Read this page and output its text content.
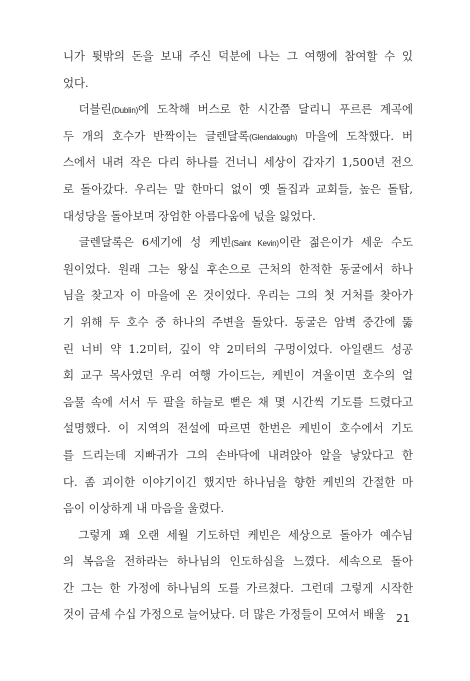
니가 튓밖의 돈을 보내 주신 덕분에 나는 그 여행에 참여할 수 있
었다.
　더블린(Dublin)에 도착해 버스로 한 시간쯤 달리니 푸르른 계곡에
두 개의 호수가 반짝이는 글렌달록(Glendalough) 마을에 도착했다. 버
스에서 내려 작은 다리 하나를 건너니 세상이 갑자기 1,500년 전으
로 돌아갔다. 우리는 말 한마디 없이 옛 돌집과 교회들, 높은 돌탑,
대성당을 돌아보며 장엄한 아름다움에 넋을 잃었다.
　글렌달록은 6세기에 성 케빈(Saint Kevin)이란 젊은이가 세운 수도
원이었다. 원래 그는 왕실 후손으로 근처의 한적한 동굴에서 하나
님을 찾고자 이 마을에 온 것이었다. 우리는 그의 첫 거처를 찾아가
기 위해 두 호수 중 하나의 주변을 돌았다. 동굴은 암벽 중간에 뚫
린 너비 약 1.2미터, 깊이 약 2미터의 구멍이었다. 아일랜드 성공
회 교구 목사였던 우리 여행 가이드는, 케빈이 겨울이면 호수의 얼
음물 속에 서서 두 팔을 하늘로 뻗은 채 몇 시간씩 기도를 드렸다고
설명했다. 이 지역의 전설에 따르면 한번은 케빈이 호수에서 기도
를 드리는데 지빠귀가 그의 손바닥에 내려앉아 알을 낳았다고 한
다. 좀 괴이한 이야기이긴 했지만 하나님을 향한 케빈의 간절한 마
음이 이상하게 내 마음을 울렸다.
　그렇게 꽤 오랜 세월 기도하던 케빈은 세상으로 돌아가 예수님
의 복음을 전하라는 하나님의 인도하심을 느꼈다. 세속으로 돌아
간 그는 한 가정에 하나님의 도를 가르쳤다. 그런데 그렇게 시작한
것이 금세 수십 가정으로 늘어났다. 더 많은 가정들이 모여서 배울 21
